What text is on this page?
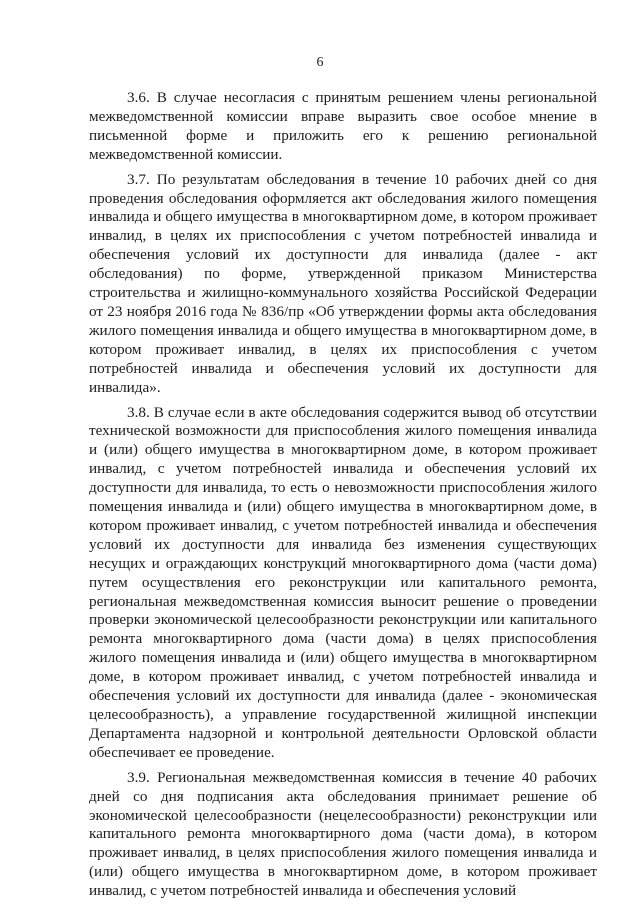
6

3.6. В случае несогласия с принятым решением члены региональной межведомственной комиссии вправе выразить свое особое мнение в письменной форме и приложить его к решению региональной межведомственной комиссии.

3.7. По результатам обследования в течение 10 рабочих дней со дня проведения обследования оформляется акт обследования жилого помещения инвалида и общего имущества в многоквартирном доме, в котором проживает инвалид, в целях их приспособления с учетом потребностей инвалида и обеспечения условий их доступности для инвалида (далее - акт обследования) по форме, утвержденной приказом Министерства строительства и жилищно-коммунального хозяйства Российской Федерации от 23 ноября 2016 года № 836/пр «Об утверждении формы акта обследования жилого помещения инвалида и общего имущества в многоквартирном доме, в котором проживает инвалид, в целях их приспособления с учетом потребностей инвалида и обеспечения условий их доступности для инвалида».

3.8. В случае если в акте обследования содержится вывод об отсутствии технической возможности для приспособления жилого помещения инвалида и (или) общего имущества в многоквартирном доме, в котором проживает инвалид, с учетом потребностей инвалида и обеспечения условий их доступности для инвалида, то есть о невозможности приспособления жилого помещения инвалида и (или) общего имущества в многоквартирном доме, в котором проживает инвалид, с учетом потребностей инвалида и обеспечения условий их доступности для инвалида без изменения существующих несущих и ограждающих конструкций многоквартирного дома (части дома) путем осуществления его реконструкции или капитального ремонта, региональная межведомственная комиссия выносит решение о проведении проверки экономической целесообразности реконструкции или капитального ремонта многоквартирного дома (части дома) в целях приспособления жилого помещения инвалида и (или) общего имущества в многоквартирном доме, в котором проживает инвалид, с учетом потребностей инвалида и обеспечения условий их доступности для инвалида (далее - экономическая целесообразность), а управление государственной жилищной инспекции Департамента надзорной и контрольной деятельности Орловской области обеспечивает ее проведение.

3.9. Региональная межведомственная комиссия в течение 40 рабочих дней со дня подписания акта обследования принимает решение об экономической целесообразности (нецелесообразности) реконструкции или капитального ремонта многоквартирного дома (части дома), в котором проживает инвалид, в целях приспособления жилого помещения инвалида и (или) общего имущества в многоквартирном доме, в котором проживает инвалид, с учетом потребностей инвалида и обеспечения условий
